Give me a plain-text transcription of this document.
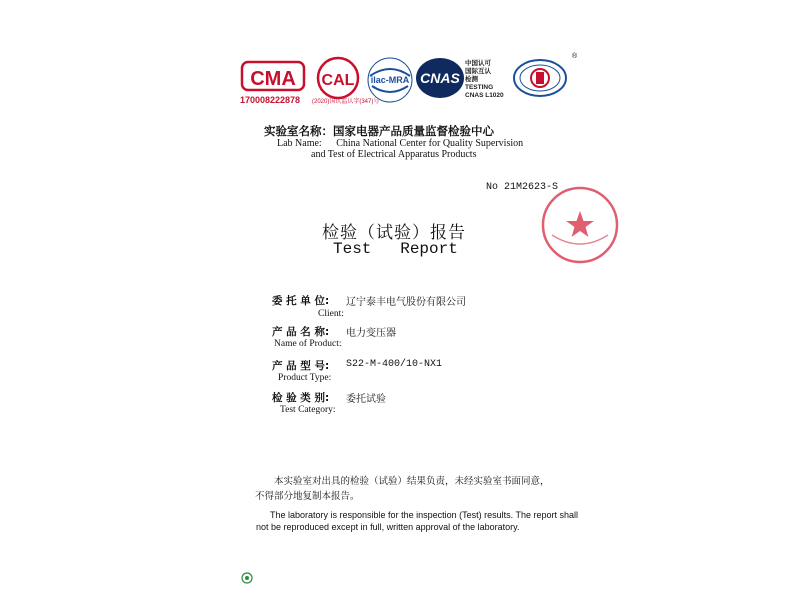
CMA CAL ilac-MRA CNAS
170008222878 (2020)国认监认字(347)号
中国认可
国际互认
检测
TESTING
CNAS L1020
®
实验室名称：国家电器产品质量监督检验中心
Lab Name: China National Center for Quality Supervision
and Test of Electrical Apparatus Products
No 21M2623-S
检验（试验）报告
Test   Report
委 托 单 位: 辽宁泰丰电气股份有限公司
Client:
产 品 名 称: 电力变压器
Name of Product:
产 品 型 号: S22-M-400/10-NX1
Product Type:
检 验 类 别: 委托试验
Test Category:
本实验室对出具的检验（试验）结果负责，未经实验室书面同意，
不得部分地复制本报告。
The laboratory is responsible for the inspection (Test) results. The report shall
not be reproduced except in full, written approval of the laboratory.
